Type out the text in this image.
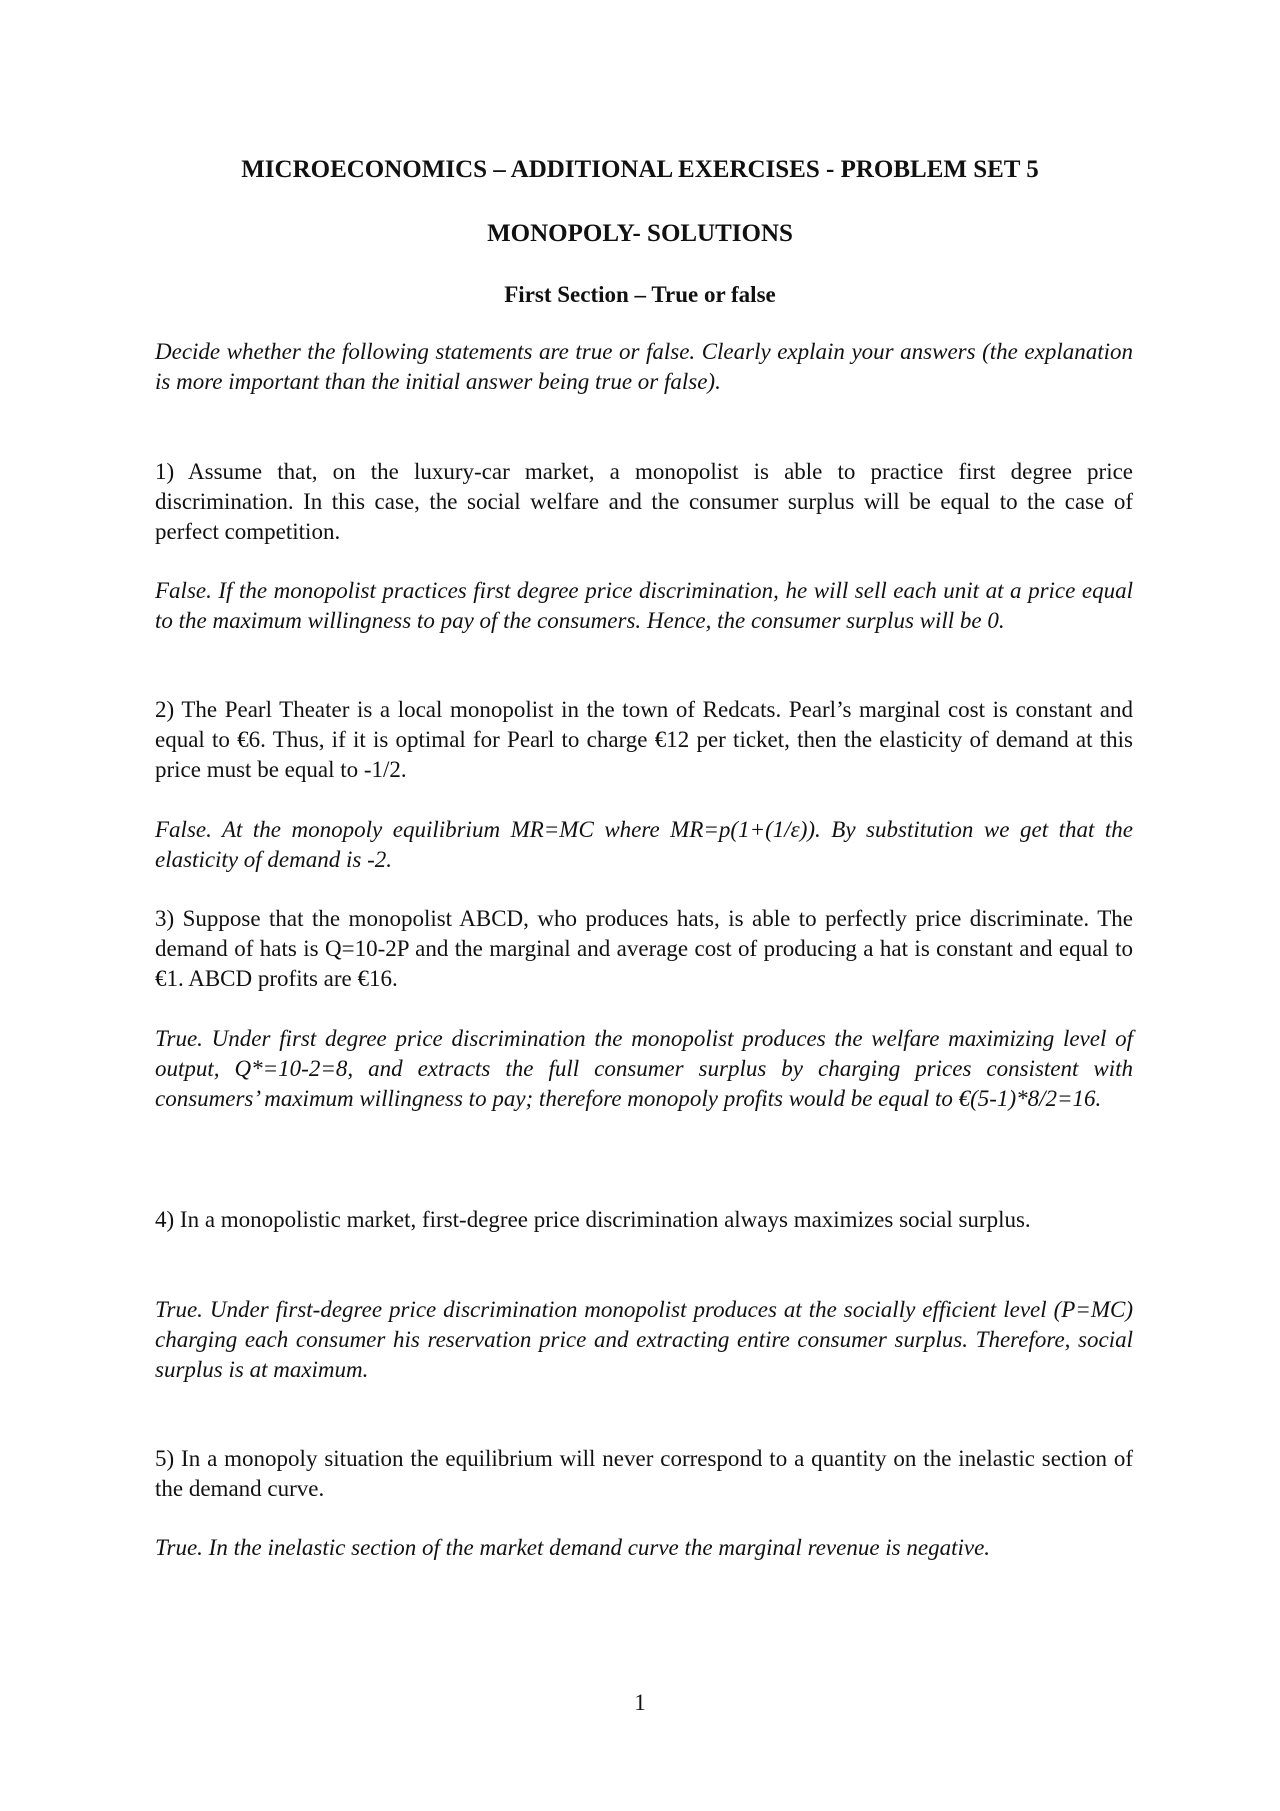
MICROECONOMICS – ADDITIONAL EXERCISES - PROBLEM SET 5

MONOPOLY- SOLUTIONS

First Section – True or false

Decide whether the following statements are true or false. Clearly explain your answers (the explanation is more important than the initial answer being true or false).

1) Assume that, on the luxury-car market, a monopolist is able to practice first degree price discrimination. In this case, the social welfare and the consumer surplus will be equal to the case of perfect competition.

False. If the monopolist practices first degree price discrimination, he will sell each unit at a price equal to the maximum willingness to pay of the consumers. Hence, the consumer surplus will be 0.

2) The Pearl Theater is a local monopolist in the town of Redcats. Pearl’s marginal cost is constant and equal to €6. Thus, if it is optimal for Pearl to charge €12 per ticket, then the elasticity of demand at this price must be equal to -1/2.

False. At the monopoly equilibrium MR=MC where MR=p(1+(1/ε)). By substitution we get that the elasticity of demand is -2.

3) Suppose that the monopolist ABCD, who produces hats, is able to perfectly price discriminate. The demand of hats is Q=10-2P and the marginal and average cost of producing a hat is constant and equal to €1. ABCD profits are €16.

True. Under first degree price discrimination the monopolist produces the welfare maximizing level of output, Q*=10-2=8, and extracts the full consumer surplus by charging prices consistent with consumers’ maximum willingness to pay; therefore monopoly profits would be equal to €(5-1)*8/2=16.

4) In a monopolistic market, first-degree price discrimination always maximizes social surplus.

True. Under first-degree price discrimination monopolist produces at the socially efficient level (P=MC) charging each consumer his reservation price and extracting entire consumer surplus. Therefore, social surplus is at maximum.

5) In a monopoly situation the equilibrium will never correspond to a quantity on the inelastic section of the demand curve.

True. In the inelastic section of the market demand curve the marginal revenue is negative.

1
